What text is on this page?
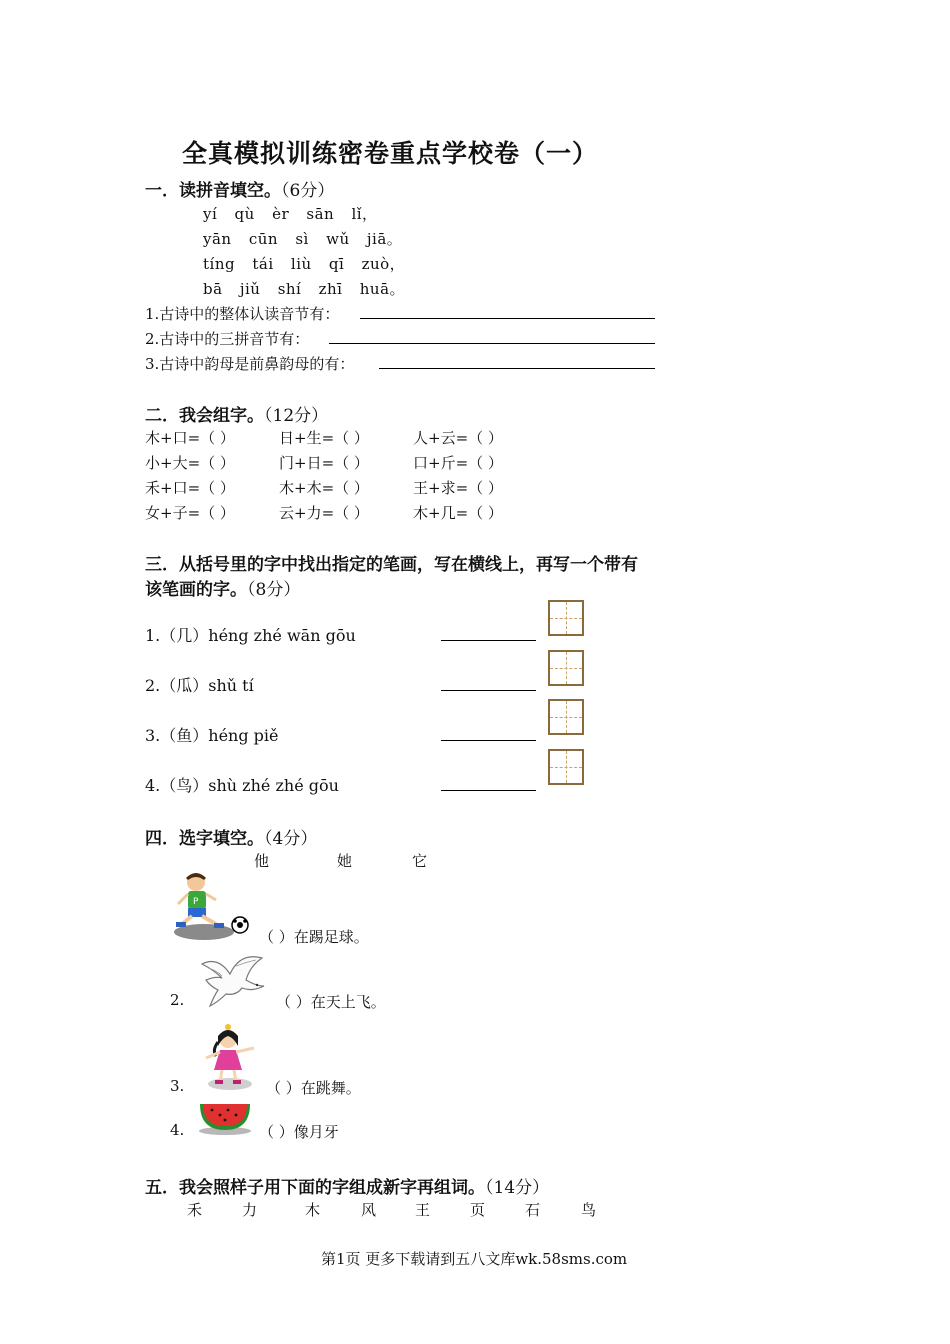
全真模拟训练密卷重点学校卷（一）
一．读拼音填空。（6分）
yí qù èr sān lǐ，
yān cūn sì wǔ jiā。
tíng tái liù qī zuò，
bā jiǔ shí zhī huā。
1.古诗中的整体认读音节有：
2.古诗中的三拼音节有：
3.古诗中韵母是前鼻韵母的有：
二．我会组字。（12分）
木+口=（ ）	日+生=（ ）	人+云=（ ）
小+大=（ ）	门+日=（ ）	口+斤=（ ）
禾+口=（ ）	木+木=（ ）	王+求=（ ）
女+子=（ ）	云+力=（ ）	木+几=（ ）
三．从括号里的字中找出指定的笔画，写在横线上，再写一个带有
该笔画的字。（8分）
1.（几）héng zhé wān gōu
2.（瓜）shǔ tí
3.（鱼）héng piě
4.（鸟）shù zhé zhé gōu
四．选字填空。（4分）
他	她	它
P
（ ）在踢足球。
2.	（ ）在天上飞。
3.	（ ）在跳舞。
4.	（ ）像月牙
五．我会照样子用下面的字组成新字再组词。（14分）
禾	力	木	风	王	页	石	鸟
第1页 更多下载请到五八文库wk.58sms.com
